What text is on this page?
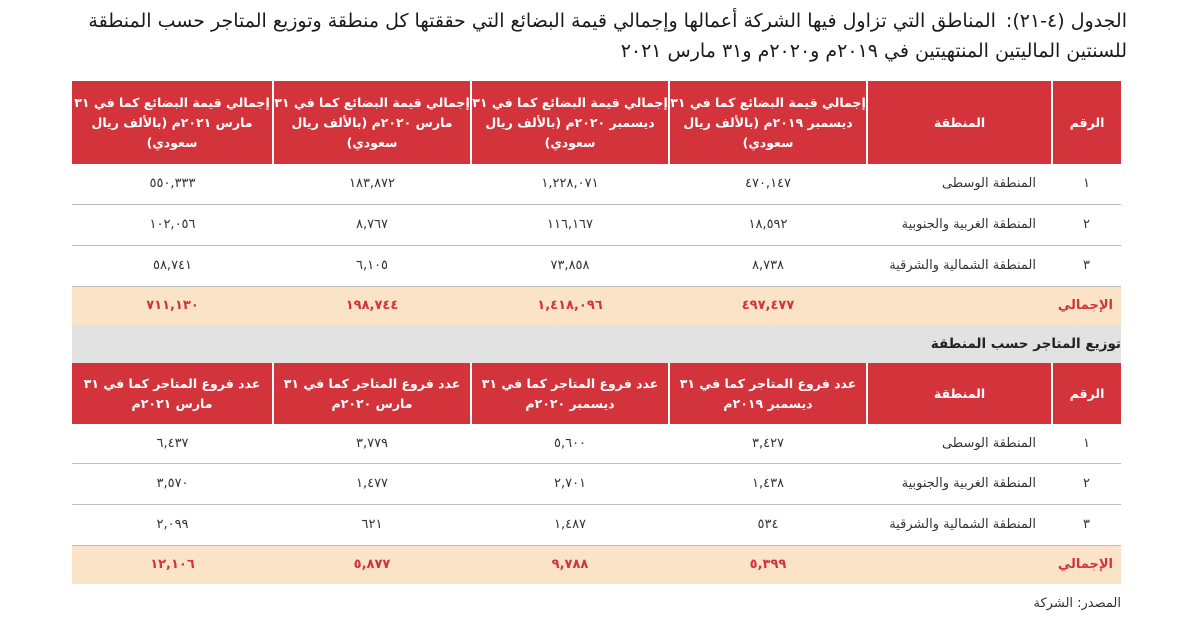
الجدول (٤-٢١):المناطق التي تزاول فيها الشركة أعمالها وإجمالي قيمة البضائع التي حققتها كل منطقة وتوزيع المتاجر حسب المنطقة
للسنتين الماليتين المنتهيتين في ٢٠١٩م و٢٠٢٠م و٣١ مارس ٢٠٢١
الرقم	المنطقة	إجمالي قيمة البضائع كما في ٣١ ديسمبر ٢٠١٩م (بالألف ريال سعودي)	إجمالي قيمة البضائع كما في ٣١ ديسمبر ٢٠٢٠م (بالألف ريال سعودي)	إجمالي قيمة البضائع كما في ٣١ مارس ٢٠٢٠م (بالألف ريال سعودي)	إجمالي قيمة البضائع كما في ٣١ مارس ٢٠٢١م (بالألف ريال سعودي)
١	المنطقة الوسطى	٤٧٠,١٤٧	١,٢٢٨,٠٧١	١٨٣,٨٧٢	٥٥٠,٣٣٣
٢	المنطقة الغربية والجنوبية	١٨,٥٩٢	١١٦,١٦٧	٨,٧٦٧	١٠٢,٠٥٦
٣	المنطقة الشمالية والشرقية	٨,٧٣٨	٧٣,٨٥٨	٦,١٠٥	٥٨,٧٤١
الإجمالي		٤٩٧,٤٧٧	١,٤١٨,٠٩٦	١٩٨,٧٤٤	٧١١,١٣٠
توزيع المتاجر حسب المنطقة					
الرقم	المنطقة	عدد فروع المتاجر كما في ٣١ ديسمبر ٢٠١٩م	عدد فروع المتاجر كما في ٣١ ديسمبر ٢٠٢٠م	عدد فروع المتاجر كما في ٣١ مارس ٢٠٢٠م	عدد فروع المتاجر كما في ٣١ مارس ٢٠٢١م
١	المنطقة الوسطى	٣,٤٢٧	٥,٦٠٠	٣,٧٧٩	٦,٤٣٧
٢	المنطقة الغربية والجنوبية	١,٤٣٨	٢,٧٠١	١,٤٧٧	٣,٥٧٠
٣	المنطقة الشمالية والشرقية	٥٣٤	١,٤٨٧	٦٢١	٢,٠٩٩
الإجمالي		٥,٣٩٩	٩,٧٨٨	٥,٨٧٧	١٢,١٠٦
المصدر: الشركة
